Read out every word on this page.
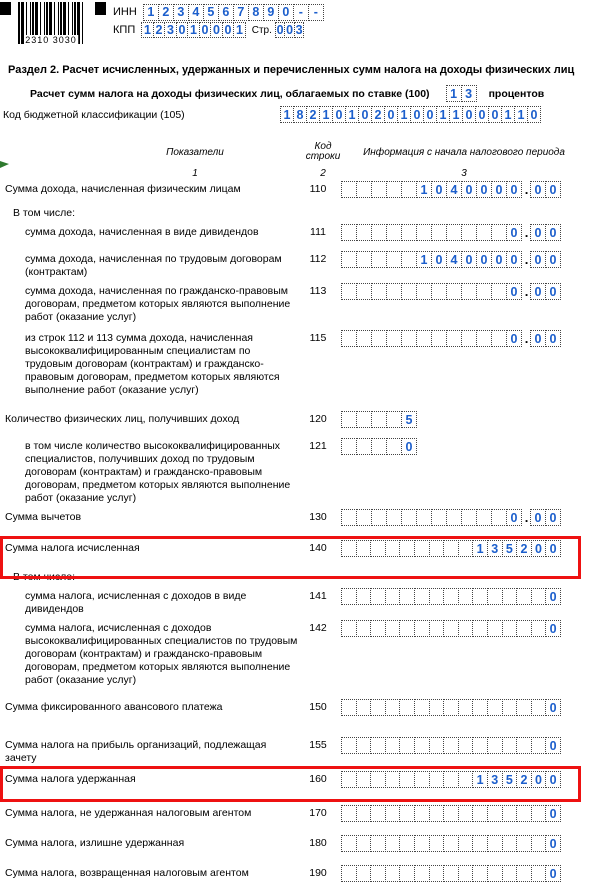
2310 3030
ИНН 1 2 3 4 5 6 7 8 9 0 - -
КПП 1 2 3 0 1 0 0 0 1 Стр. 0 0 3
Раздел 2. Расчет исчисленных, удержанных и перечисленных сумм налога на доходы физических лиц
Расчет сумм налога на доходы физических лиц, облагаемых по ставке (100)	1 3	процентов
Код бюджетной классификации (105)	1 8 2 1 0 1 0 2 0 1 0 0 1 1 0 0 0 1 1 0
Показатели
Код строки	Информация с начала налогового периода
1	2	3
Сумма дохода, начисленная физическим лицам	110	1 0 4 0 0 0 0 . 0 0
В том числе:
сумма дохода, начисленная в виде дивидендов	111	0 . 0 0
сумма дохода, начисленная по трудовым договорам (контрактам)
112	1 0 4 0 0 0 0 . 0 0
сумма дохода, начисленная по гражданско-правовым договорам, предметом которых являются выполнение работ (оказание услуг)
113	0 . 0 0
из строк 112 и 113 сумма дохода, начисленная высококвалифицированным специалистам по трудовым договорам (контрактам) и гражданско-правовым договорам, предметом которых являются выполнение работ (оказание услуг)
115	0 . 0 0
Количество физических лиц, получивших доход	120	5
в том числе количество высококвалифицированных специалистов, получивших доход по трудовым договорам (контрактам) и гражданско-правовым договорам, предметом которых являются выполнение работ (оказание услуг)
121	0
Сумма вычетов	130	0 . 0 0
Сумма налога исчисленная	140	1 3 5 2 0 0
В том числе:
сумма налога, исчисленная с доходов в виде дивидендов
141	0
сумма налога, исчисленная с доходов высококвалифицированных специалистов по трудовым договорам (контрактам) и гражданско-правовым договорам, предметом которых являются выполнение работ (оказание услуг)
142	0
Сумма фиксированного авансового платежа	150	0
Сумма налога на прибыль организаций, подлежащая зачету
155	0
Сумма налога удержанная	160	1 3 5 2 0 0
Сумма налога, не удержанная налоговым агентом	170	0
Сумма налога, излишне удержанная	180	0
Сумма налога, возвращенная налоговым агентом	190	0
